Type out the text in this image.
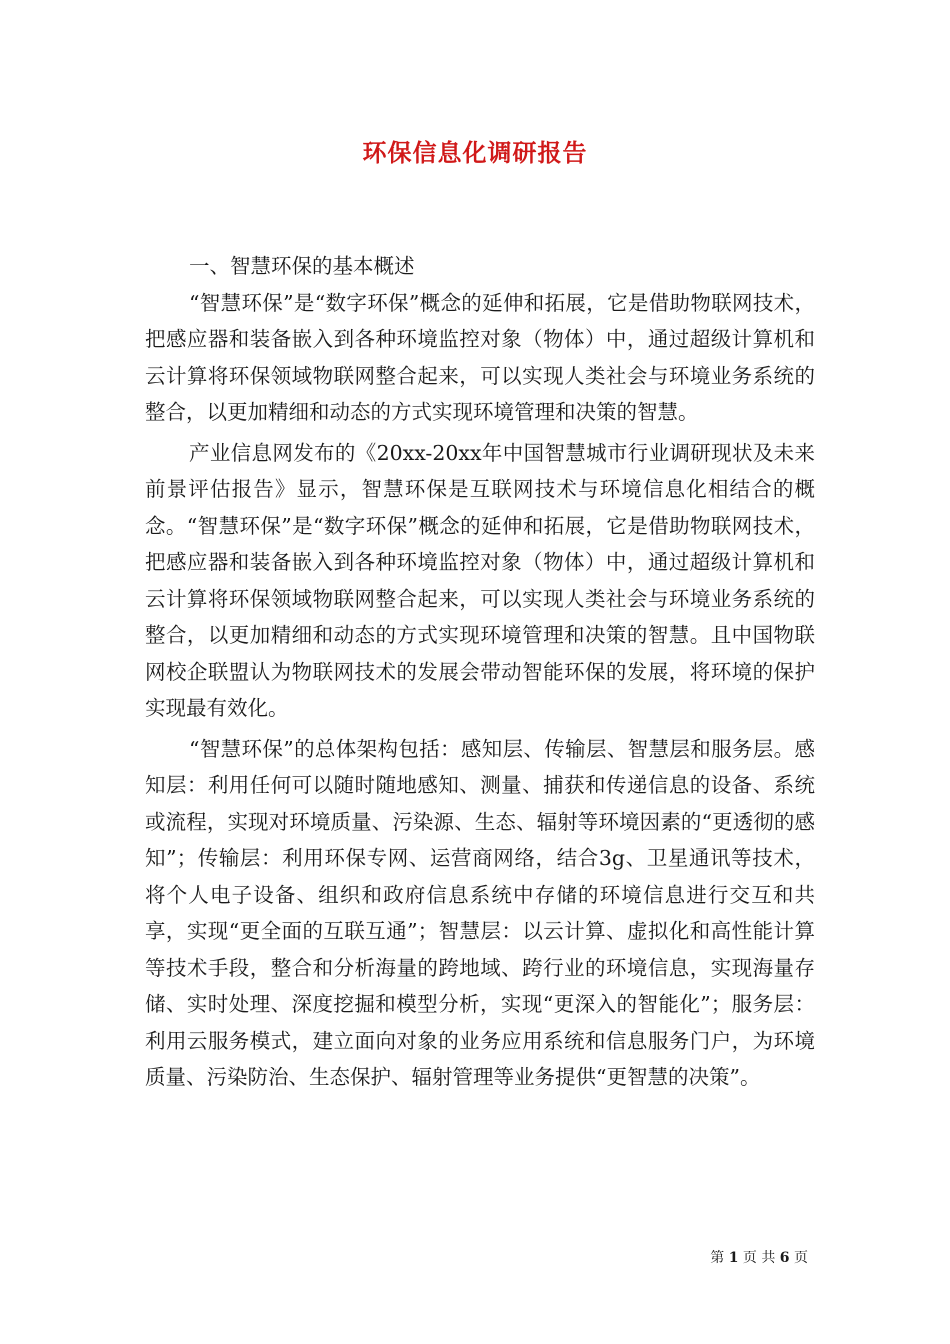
环保信息化调研报告

一、智慧环保的基本概述

“智慧环保”是“数字环保”概念的延伸和拓展，它是借助物联网技术，把感应器和装备嵌入到各种环境监控对象（物体）中，通过超级计算机和云计算将环保领域物联网整合起来，可以实现人类社会与环境业务系统的整合，以更加精细和动态的方式实现环境管理和决策的智慧。

产业信息网发布的《20xx-20xx年中国智慧城市行业调研现状及未来前景评估报告》显示，智慧环保是互联网技术与环境信息化相结合的概念。“智慧环保”是“数字环保”概念的延伸和拓展，它是借助物联网技术，把感应器和装备嵌入到各种环境监控对象（物体）中，通过超级计算机和云计算将环保领域物联网整合起来，可以实现人类社会与环境业务系统的整合，以更加精细和动态的方式实现环境管理和决策的智慧。且中国物联网校企联盟认为物联网技术的发展会带动智能环保的发展，将环境的保护实现最有效化。

“智慧环保”的总体架构包括：感知层、传输层、智慧层和服务层。感知层：利用任何可以随时随地感知、测量、捕获和传递信息的设备、系统或流程，实现对环境质量、污染源、生态、辐射等环境因素的“更透彻的感知”；传输层：利用环保专网、运营商网络，结合3g、卫星通讯等技术，将个人电子设备、组织和政府信息系统中存储的环境信息进行交互和共享，实现“更全面的互联互通”；智慧层：以云计算、虚拟化和高性能计算等技术手段，整合和分析海量的跨地域、跨行业的环境信息，实现海量存储、实时处理、深度挖掘和模型分析，实现“更深入的智能化”；服务层：利用云服务模式，建立面向对象的业务应用系统和信息服务门户，为环境质量、污染防治、生态保护、辐射管理等业务提供“更智慧的决策”。

第 1 页 共 6 页
